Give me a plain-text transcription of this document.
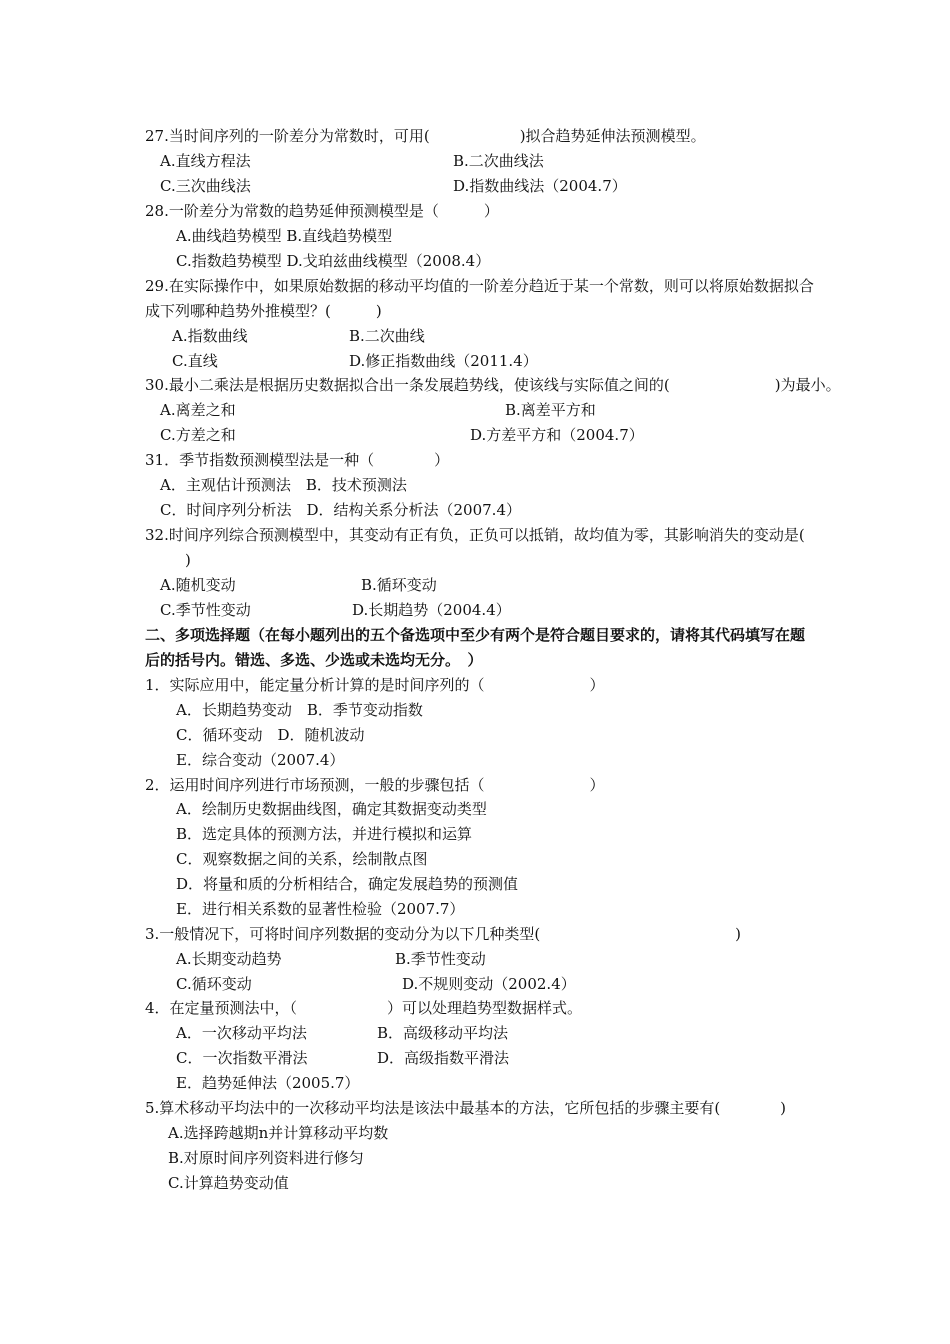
27.当时间序列的一阶差分为常数时，可用(　　　　　　)拟合趋势延伸法预测模型。
A.直线方程法	B.二次曲线法
C.三次曲线法	D.指数曲线法（2004.7）
28.一阶差分为常数的趋势延伸预测模型是（　　　）
A.曲线趋势模型 B.直线趋势模型
C.指数趋势模型 D.戈珀兹曲线模型（2008.4）
29.在实际操作中，如果原始数据的移动平均值的一阶差分趋近于某一个常数，则可以将原始数据拟合
成下列哪种趋势外推模型？(　　　)
A.指数曲线	B.二次曲线
C.直线	D.修正指数曲线（2011.4）
30.最小二乘法是根据历史数据拟合出一条发展趋势线，使该线与实际值之间的(　　　　　　　)为最小。
A.离差之和	B.离差平方和
C.方差之和	D.方差平方和（2004.7）
31．季节指数预测模型法是一种（　　　　）
A．主观估计预测法　B．技术预测法
C．时间序列分析法　D．结构关系分析法（2007.4）
32.时间序列综合预测模型中，其变动有正有负，正负可以抵销，故均值为零，其影响消失的变动是(
)
A.随机变动	B.循环变动
C.季节性变动	D.长期趋势（2004.4）
二、多项选择题（在每小题列出的五个备选项中至少有两个是符合题目要求的，请将其代码填写在题
后的括号内。错选、多选、少选或未选均无分。　）
1．实际应用中，能定量分析计算的是时间序列的（　　　　　　　）
A．长期趋势变动　B．季节变动指数
C．循环变动　D．随机波动
E．综合变动（2007.4）
2．运用时间序列进行市场预测，一般的步骤包括（　　　　　　　）
A．绘制历史数据曲线图，确定其数据变动类型
B．选定具体的预测方法，并进行模拟和运算
C．观察数据之间的关系，绘制散点图
D．将量和质的分析相结合，确定发展趋势的预测值
E．进行相关系数的显著性检验（2007.7）
3.一般情况下，可将时间序列数据的变动分为以下几种类型(　　　　　　　　　　　　　)
A.长期变动趋势	B.季节性变动
C.循环变动	D.不规则变动（2002.4）
4．在定量预测法中，（　　　　　　）可以处理趋势型数据样式。
A．一次移动平均法	B．高级移动平均法
C．一次指数平滑法	D．高级指数平滑法
E．趋势延伸法（2005.7）
5.算术移动平均法中的一次移动平均法是该法中最基本的方法，它所包括的步骤主要有(　　　　)
A.选择跨越期n并计算移动平均数
B.对原时间序列资料进行修匀
C.计算趋势变动值
